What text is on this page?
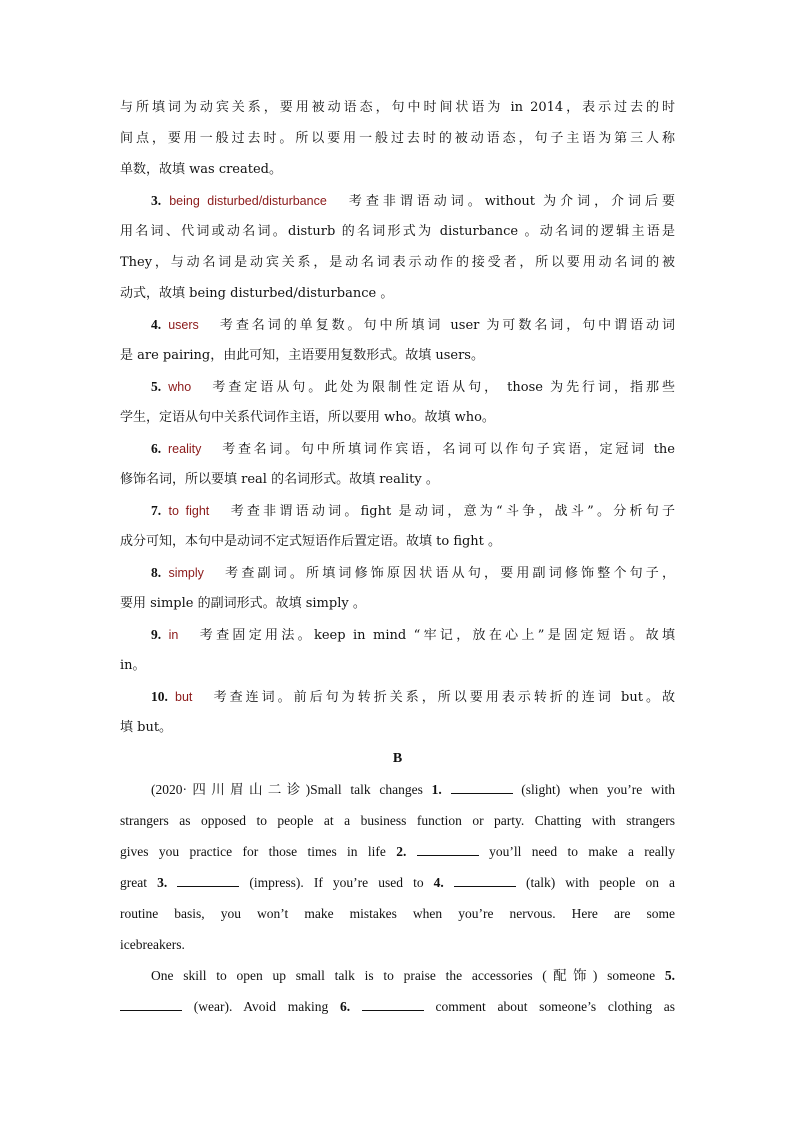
与所填词为动宾关系，要用被动语态，句中时间状语为 in 2014，表示过去的时
间点，要用一般过去时。所以要用一般过去时的被动语态，句子主语为第三人称
单数，故填 was created。
3. being disturbed/disturbance 考查非谓语动词。without 为介词，介词后要
用名词、代词或动名词。disturb 的名词形式为 disturbance 。动名词的逻辑主语是
They，与动名词是动宾关系，是动名词表示动作的接受者，所以要用动名词的被
动式，故填 being disturbed/disturbance 。
4. users 考查名词的单复数。句中所填词 user 为可数名词，句中谓语动词
是 are pairing，由此可知，主语要用复数形式。故填 users。
5. who 考查定语从句。此处为限制性定语从句， those 为先行词，指那些
学生，定语从句中关系代词作主语，所以要用 who。故填 who。
6. reality 考查名词。句中所填词作宾语，名词可以作句子宾语，定冠词 the
修饰名词，所以要填 real 的名词形式。故填 reality 。
7. to fight 考查非谓语动词。fight 是动词，意为“斗争，战斗”。分析句子
成分可知，本句中是动词不定式短语作后置定语。故填 to fight 。
8. simply 考查副词。所填词修饰原因状语从句，要用副词修饰整个句子，
要用 simple 的副词形式。故填 simply 。
9. in 考查固定用法。keep in mind “牢记，放在心上”是固定短语。故填
in。
10. but 考查连词。前后句为转折关系，所以要用表示转折的连词 but。故
填 but。
B
(2020·四川眉山二诊)Small talk changes 1.	(slight) when you’re with
strangers as opposed to people at a business function or party. Chatting with strangers
gives you practice for those times in life 2.	you’ll need to make a really
great 3.	(impress). If you’re used to 4.	(talk) with people on a
routine basis, you won’t make mistakes when you’re nervous. Here are some
icebreakers.
One skill to open up small talk is to praise the accessories (配饰) someone 5.
(wear). Avoid making 6.	comment about someone’s clothing as
